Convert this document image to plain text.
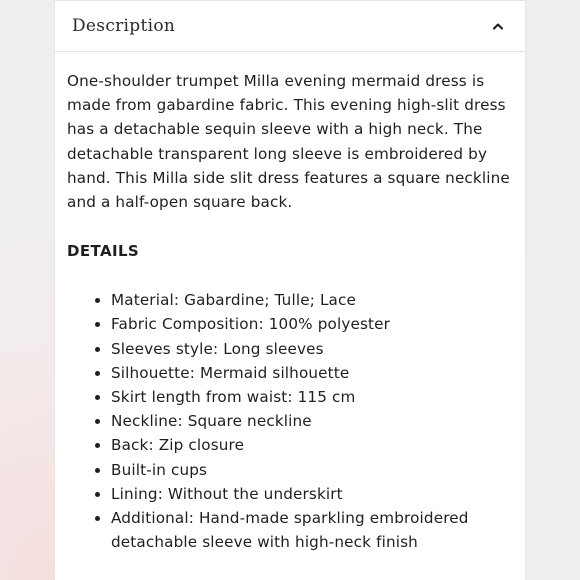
Description

One-shoulder trumpet Milla evening mermaid dress is made from gabardine fabric. This evening high-slit dress has a detachable sequin sleeve with a high neck. The detachable transparent long sleeve is embroidered by hand. This Milla side slit dress features a square neckline and a half-open square back.

DETAILS
• Material: Gabardine; Tulle; Lace
• Fabric Composition: 100% polyester
• Sleeves style: Long sleeves
• Silhouette: Mermaid silhouette
• Skirt length from waist: 115 cm
• Neckline: Square neckline
• Back: Zip closure
• Built-in cups
• Lining: Without the underskirt
• Additional: Hand-made sparkling embroidered detachable sleeve with high-neck finish
